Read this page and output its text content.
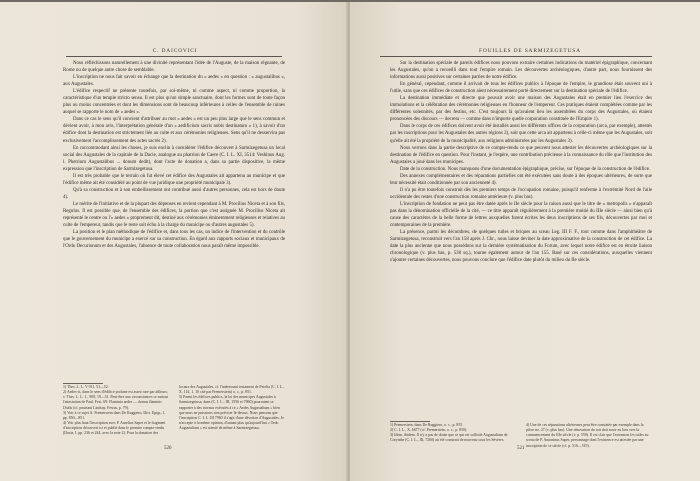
C. DAICOVICI

Nous réfléchissons naturellement à une divinité représentant l'idée de l'Auguste, de la maison régnante, de Rome ou de quelque autre chose de semblable.

L'inscription ne nous fait savoir en échange que la destination du « aedes » en question : « augustalibus », aux Augustales.

L'édifice respectif ne présente toutefois, par soi-même, ni comme aspect, ni comme proportion, la caractéristique d'un temple stricto sensu. Il est plus qu'un simple sanctuaire, dont les formes sont de toute façon plus ou moins concentrées et dont les dimensions sont de beaucoup inférieures à celles de l'ensemble de ruines auquel se rapporte le nom de « aedes ».

Dans ce cas le sens qu'il convient d'attribuer au mot « aedes » est un peu plus large que le sens commun et dévient avoir, à mon avis, l'interprétation générale d'un « aedificium sacris nobis destinatum » 1), à savoir d'un édifice dont la destination est strictement liée au culte et aux cérémonies religieuses. Sens qu'il ne desservira pas exclusivement l'accomplissement des actes sacrés 2).

En raccommodant ainsi les choses, je suis enclin à considérer l'édifice découvert à Sarmizegetusa un local social des Augustales de la capitale de la Dacie, analogue au phatrion de Caere (C. I. L. XI, 3514: Vesbinus Aug. l. Phetrium Augustalibus ... donum dedit), dont l'acte de donation a, dans sa partie dispositive, la même expression que l'inscription de Sarmizegetusa.

Il est très probable que le terrain où fut élevé cet édifice des Augustales ait appartenu au municipe et que l'édifice même ait été considéré au point de vue juridique une propriété municipale 3).

Qu'à sa construction et à son embellissement ont contribué aussi d'autres personnes, cela est hors de doute 4).

Le mérite de l'initiative et de la plupart des dépenses en revient cependant à M. Procilius Niceta et à son fils, Regulus. Il est possible que, de l'ensemble des édifices, la portion que c'est assignée M. Procilius Niceta ait représenté le centre ou l'« aedes » proprement dit, destiné aux cérémonies éminemment religieuses et relatives au culte de l'empereur, tandis que le reste soit échu à la charge du municipe ou d'autres augustales 5).

La position et le plan méthodique de l'édifice et, dans tous les cas, un indice de l'intervention et du contrôle que le gouvernement du municipe a exercé sur sa construction. En égard aux rapports sociaux et municipaux de l'Ordo Decurionum et des Augustales, l'absence de toute collaboration nous paraît même impossible.

1) Thes. L. L. V 911, 51—52.

2) Aedes-is, dans le sens d'édifice profane est assez rare par ailleurs; v. Thes. L. L. 1., 908, 19—31. Peut-être aux circonstances se surtout l'attestation de Paul. Fest. 69: Flaminia aedes — domus flaminis Dialis (cf. pourtant Lindsay, Festus, p. 79).

3) Voir à ce sujet A. Premerstein dans De Ruggiero, Dict. Epigr., I, pp. 850—851.

4) Voir plus haut l'inscription avec P. Aurelius Saper et le fragment d'inscription découvert ici et publié dans le premier compte-rendu (Dacia, I, pp. 236 et 244, avec la note 2). Pour la donation des locaux des Augustales, cf. l'intéressant testament de Petelia (C. I. L., X, 114, 1. 10 cité par Premerstein) o. c., p. 851.

5) Parmi les édifices publics, la loi des municipes Augustales à Sarmizegetusa, dans (C. I. L., III, 1556 et 7960) pourraient se rapporter à des travaux exécutés à ce « Aedes Augustalium » bien que nous ne puissions rien préciser là-dessus. Nous pensons que l'inscription C. I. L. III 7960 il s'agit d'une dévotion d'Augustales. Je n'accepte à la même opinion, d'autant plus qu'aujourd'hui « Ordo Augustalium » est attesté de même à Sarmizegetusa.

520
FOUILLES DE SARMIZEGETUSA

Sur la destination spéciale de pareils édifices nous pouvons extraire certaines indications du matériel épigraphique, concernant les Augustales, qu'on a recueilli dans tout l'empire romain. Les découvertes archéologiques, d'autre part, nous fournissent des informations aussi positives sur certaines parties de notre édifice.

En général, cependant, comme il arrivait de tous les édifices publics à l'époque de l'empire, le grandiose était souvent uni à l'utile, sans que ces édifices de construction aient nécessairement porté directement sur la destination spéciale de l'édifice.

La destination immédiate et directe que pouvait avoir une maison des Augustales était en premier lieu l'exercice des immolations et la célébration des cérémonies religieuses en l'honneur de l'empereur. Ces pratiques étaient complétées comme par les différentes solennités, par des festins, etc. C'est toujours là qu'avaient lieu les assemblées du corps des Augustales, où étaient prononcées des discours — decreta — comme dans n'importe quelle corporation constituée de l'Empire 1).

Dans le corps de ces édifices doivent avoir été installés aussi les différents offices de la corporation (arca, par exemple), attestés par les inscriptions pour les Augustales des autres régions 2), soit que cette arca ait appartenu à celle-ci même que les Augustales, soit qu'elle ait été la propriété de la municipalité, aux religions administrées par les Augustales 3).

Nous verrons dans la partie descriptive de ce compte-rendu ce que peuvent nous attester les découvertes archéologiques sur la destination de l'édifice en question. Pour l'instant, je l'espère, une contribution précieuse à la connaissance du rôle que l'institution des Augustales a joué dans les municipes.

Date de la construction. Nous manquons d'une documentation épigraphique, précise, sur l'époque de la construction de l'édifice.

Des annexes complémentaires et des réparations partielles ont été exécutées sans doute à des époques ultérieures, de sorte que leur nécessité était conditionnée par son ancienneté 4).

Il n'a pu être toutefois construit dès les premiers temps de l'occupation romaine, puisqu'il renferme à l'extrémité Nord de l'aile occidentale des restes d'une construction romaine antérieure (v. plus bas).

L'inscription de fondation ne peut pas être datée après le IIe siècle pour la raison aussi que le titre de « metropolis » n'apparaît pas dans la dénomination officielle de la cité, — ce titre apparaît régulièrement à la première moitié du IIIe siècle — ainsi bien qu'à cause des caractères de la belle forme de lettres auxquelles furent écrites les deux inscriptions de ses fils, découvertes par moi et contemporaines de la première.

La présence, parmi les décombres, de quelques tuiles et briques au sceau Leg. III F. F., tout comme dans l'amphithéâtre de Sarmizegetusa, reconstruit vers l'an 158 après J. Chr., nous laisse deviner la date approximative de la construction de cet édifice. La date la plus ancienne que nous possédons sur la dernière systématisation du Forum, avec lequel notre édifice est en étroite liaison chronologique (v. plus bas, p. 538 sq.), tourne également autour de l'an 155. Basé sur ces considérations, auxquelles viennent s'ajouter certaines découvertes, nous pouvons conclure que l'édifice date plutôt du milieu du IIe siècle.

1) Premerstein, dans De Ruggiero, o. c., p. 855.

2) C. I. L., X, 6677 (cf. Premerstein, o. c., p. 850).

3) Idem, ibidem. Il n'y a pas de doute que ce qui est sollicité Augustalium de Corynthe (C. I. L., III, 7260) ait été construit de nouveau sous les Sévères.

4) Une de ces réparations ultérieures peut être constatée par exemple dans la pièce no. 27 (v. plus bas). Une rénovation du toit doit avoir eu lieu vers la commencement du IIIe siècle (v. p. 550). Il est clair que l'extension les tuiles au sceau de P. Antoninus Super, personnage dont l'existence est attestée par une inscription de ce siècle (cf. p. 516—519).

521
